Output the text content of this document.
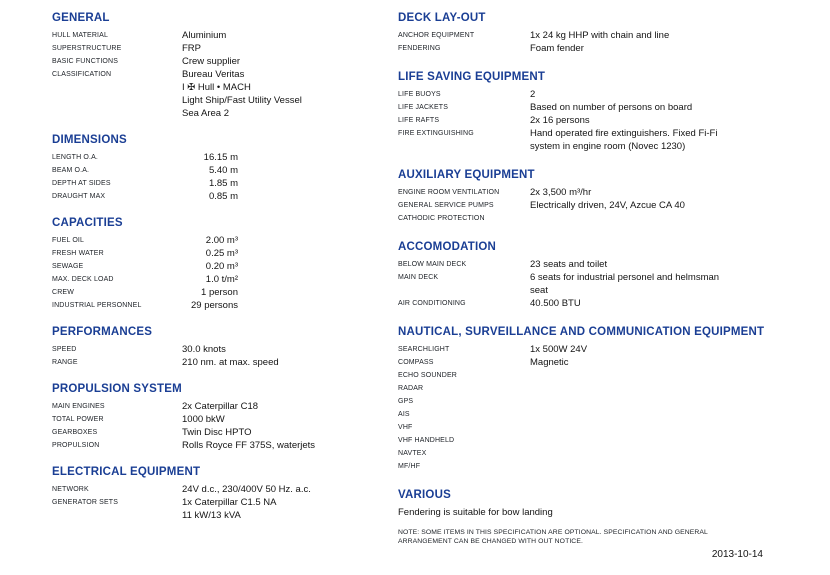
GENERAL
HULL MATERIAL	Aluminium
SUPERSTRUCTURE	FRP
BASIC FUNCTIONS	Crew supplier
CLASSIFICATION	Bureau Veritas
I ✠ Hull • MACH
Light Ship/Fast Utility Vessel
Sea Area 2
DIMENSIONS
LENGTH O.A.	16.15 m
BEAM O.A.	5.40 m
DEPTH AT SIDES	1.85 m
DRAUGHT MAX	0.85 m
CAPACITIES
FUEL OIL	2.00 m³
FRESH WATER	0.25 m³
SEWAGE	0.20 m³
MAX. DECK LOAD	1.0 t/m²
CREW	1 person
INDUSTRIAL PERSONNEL	29 persons
PERFORMANCES
SPEED	30.0 knots
RANGE	210 nm. at max. speed
PROPULSION SYSTEM
MAIN ENGINES	2x Caterpillar C18
TOTAL POWER	1000 bkW
GEARBOXES	Twin Disc HPTO
PROPULSION	Rolls Royce FF 375S, waterjets
ELECTRICAL EQUIPMENT
NETWORK	24V d.c., 230/400V 50 Hz. a.c.
GENERATOR SETS	1x Caterpillar C1.5 NA
11 kW/13 kVA
DECK LAY-OUT
ANCHOR EQUIPMENT	1x 24 kg HHP with chain and line
FENDERING	Foam fender
LIFE SAVING EQUIPMENT
LIFE BUOYS	2
LIFE JACKETS	Based on number of persons on board
LIFE RAFTS	2x 16 persons
FIRE EXTINGUISHING	Hand operated fire extinguishers. Fixed Fi-Fi
system in engine room (Novec 1230)
AUXILIARY EQUIPMENT
ENGINE ROOM VENTILATION	2x 3,500 m³/hr
GENERAL SERVICE PUMPS	Electrically driven, 24V, Azcue CA 40
CATHODIC PROTECTION
ACCOMODATION
BELOW MAIN DECK	23 seats and toilet
MAIN DECK	6 seats for industrial personel and helmsman
seat
AIR CONDITIONING	40.500 BTU
NAUTICAL, SURVEILLANCE AND COMMUNICATION EQUIPMENT
SEARCHLIGHT	1x 500W 24V
COMPASS	Magnetic
ECHO SOUNDER
RADAR
GPS
AIS
VHF
VHF HANDHELD
NAVTEX
MF/HF
VARIOUS
Fendering is suitable for bow landing
NOTE: SOME ITEMS IN THIS SPECIFICATION ARE OPTIONAL. SPECIFICATION AND GENERAL
ARRANGEMENT CAN BE CHANGED WITH OUT NOTICE.
2013-10-14
